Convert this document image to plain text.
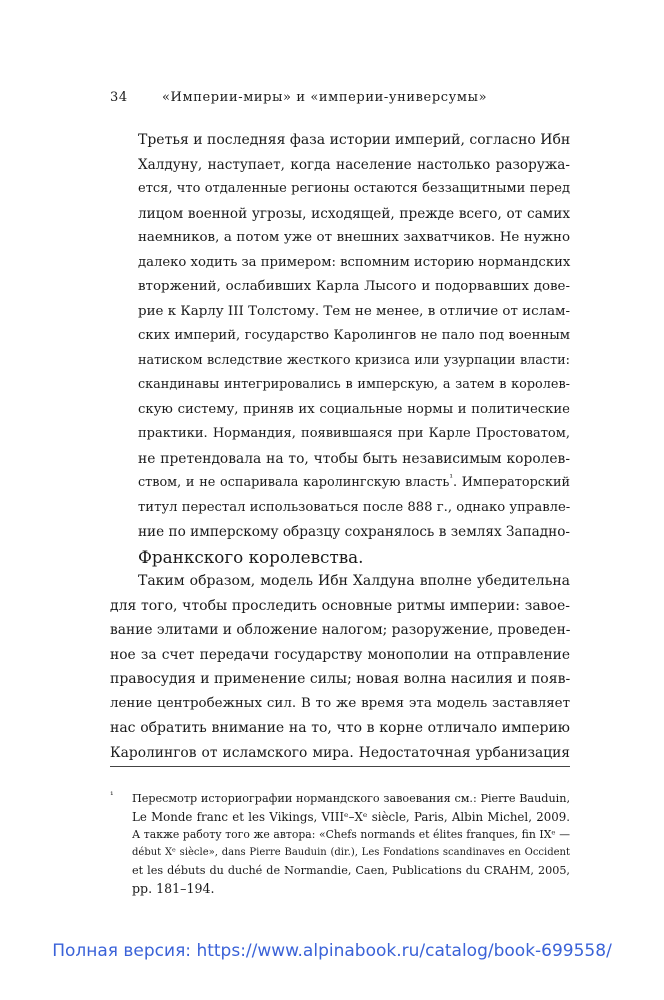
34	«Империи-миры» и «империи-универсумы»

Третья и последняя фаза истории империй, согласно Ибн
Халдуну, наступает, когда население настолько разоружа-
ется, что отдаленные регионы остаются беззащитными перед
лицом военной угрозы, исходящей, прежде всего, от самих
наемников, а потом уже от внешних захватчиков. Не нужно
далеко ходить за примером: вспомним историю нормандских
вторжений, ослабивших Карла Лысого и подорвавших дове-
рие к Карлу III Толстому. Тем не менее, в отличие от ислам-
ских империй, государство Каролингов не пало под военным
натиском вследствие жесткого кризиса или узурпации власти:
скандинавы интегрировались в имперскую, а затем в королев-
скую систему, приняв их социальные нормы и политические
практики. Нормандия, появившаяся при Карле Простоватом,
не претендовала на то, чтобы быть независимым королев-
ством, и не оспаривала каролингскую власть$^{^1}$. Императорский
титул перестал использоваться после 888 г., однако управле-
ние по имперскому образцу сохранялось в землях Западно-
Франкского королевства.

Таким образом, модель Ибн Халдуна вполне убедительна
для того, чтобы проследить основные ритмы империи: завое-
вание элитами и обложение налогом; разоружение, проведен-
ное за счет передачи государству монополии на отправление
правосудия и применение силы; новая волна насилия и появ-
ление центробежных сил. В то же время эта модель заставляет
нас обратить внимание на то, что в корне отличало империю
Каролингов от исламского мира. Недостаточная урбанизация

¹ Пересмотр историографии нормандского завоевания см.: Pierre Bauduin,
Le Monde franc et les Vikings, VIIIᵉ–Xᵉ siècle, Paris, Albin Michel, 2009.
А также работу того же автора: «Chefs normands et élites franques, fin IXᵉ —
début Xᵉ siècle», dans Pierre Bauduin (dir.), Les Fondations scandinaves en Occident
et les débuts du duché de Normandie, Caen, Publications du CRAHM, 2005,
pp. 181–194.
Полная версия: https://www.alpinabook.ru/catalog/book-699558/
